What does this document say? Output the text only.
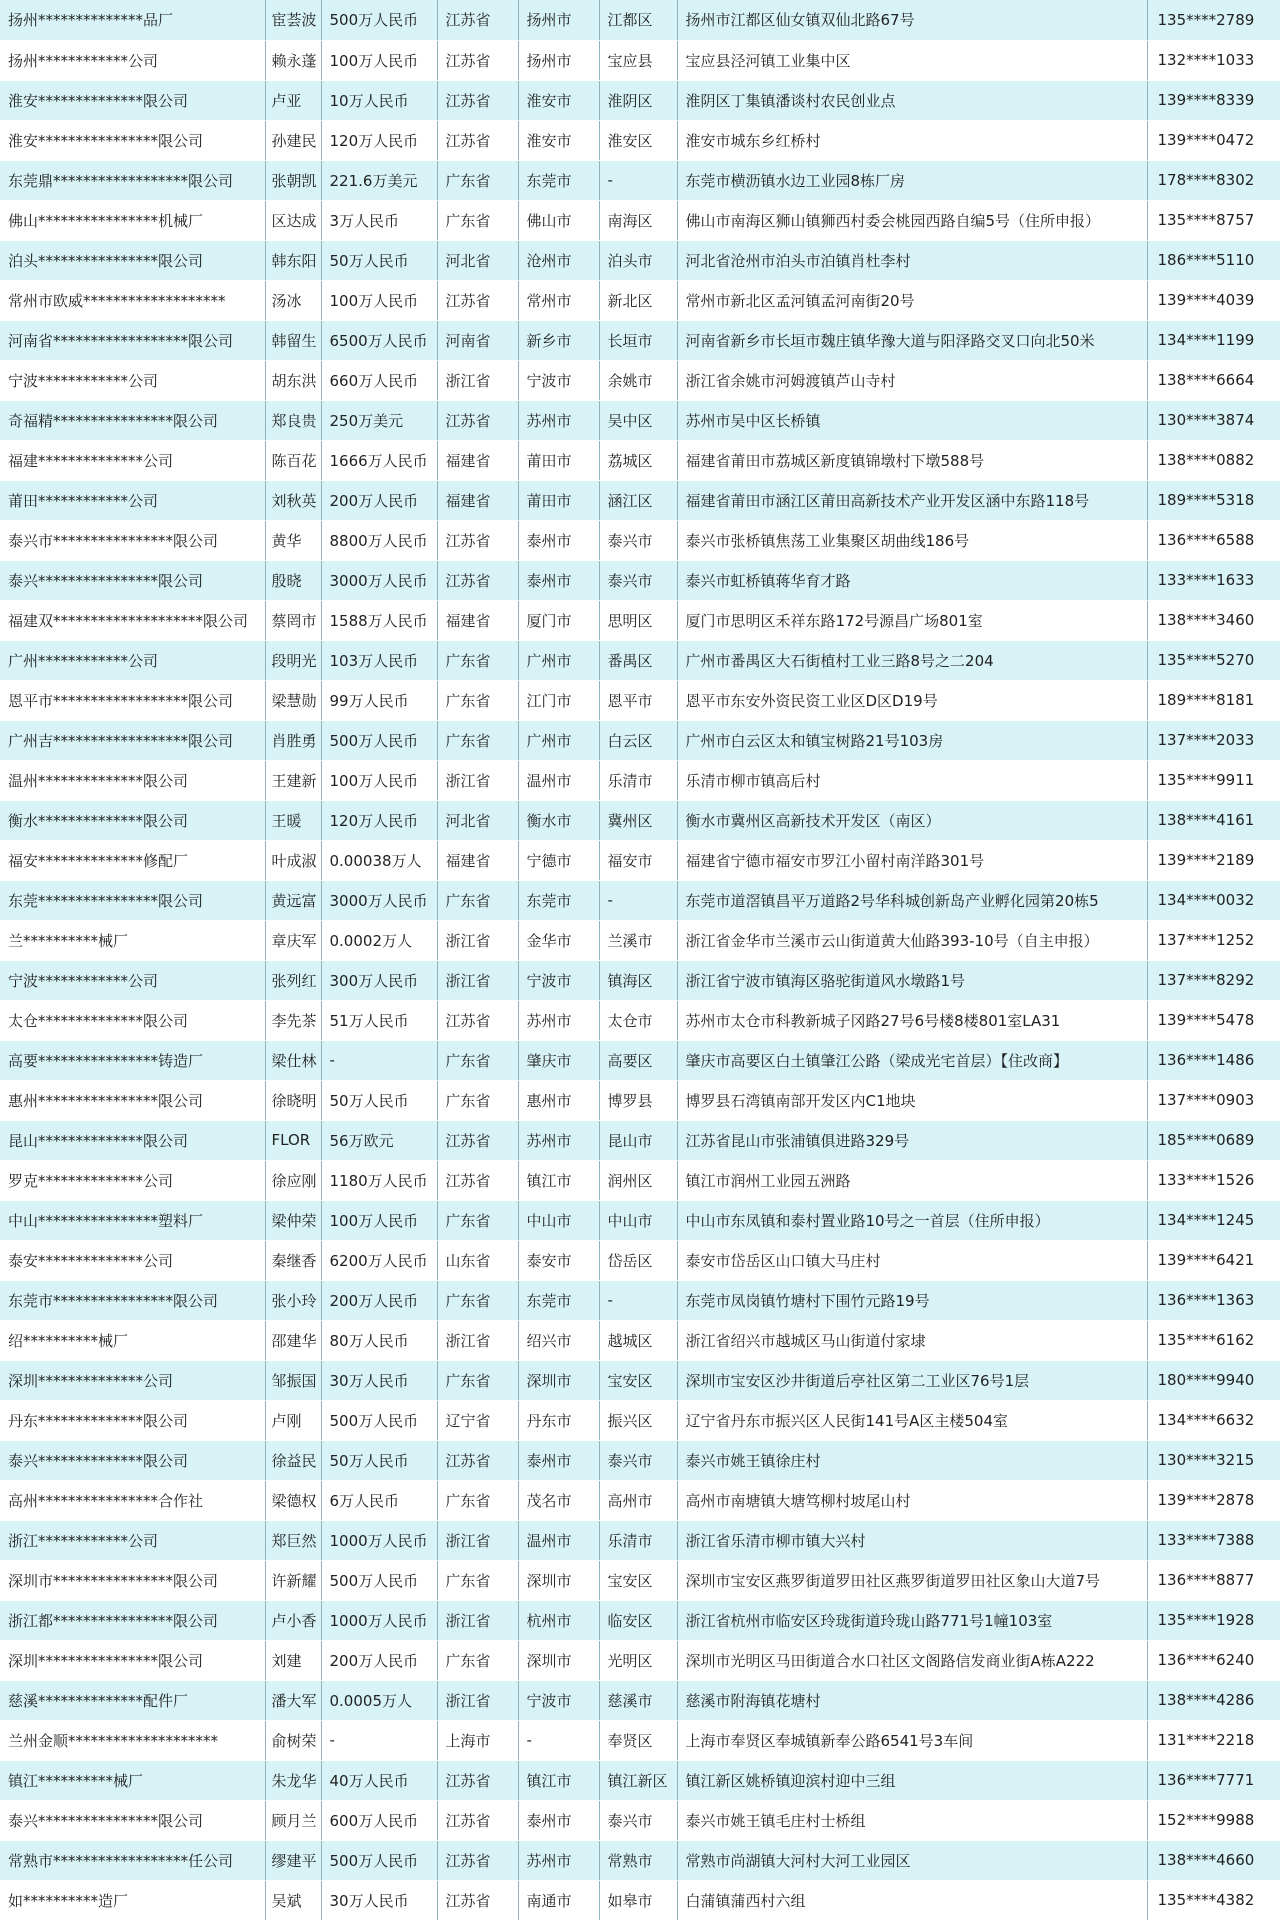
扬州**************品厂	宦荟波	500万人民币	江苏省	扬州市	江都区	扬州市江都区仙女镇双仙北路67号	135****2789
扬州************公司	赖永蓬	100万人民币	江苏省	扬州市	宝应县	宝应县泾河镇工业集中区	132****1033
淮安**************限公司	卢亚	10万人民币	江苏省	淮安市	淮阴区	淮阴区丁集镇潘谈村农民创业点	139****8339
淮安****************限公司	孙建民	120万人民币	江苏省	淮安市	淮安区	淮安市城东乡红桥村	139****0472
东莞鼎******************限公司	张朝凯	221.6万美元	广东省	东莞市	-	东莞市横沥镇水边工业园8栋厂房	178****8302
佛山****************机械厂	区达成	3万人民币	广东省	佛山市	南海区	佛山市南海区狮山镇狮西村委会桃园西路自编5号（住所申报）	135****8757
泊头****************限公司	韩东阳	50万人民币	河北省	沧州市	泊头市	河北省沧州市泊头市泊镇肖杜李村	186****5110
常州市欧威*******************	汤冰	100万人民币	江苏省	常州市	新北区	常州市新北区孟河镇孟河南街20号	139****4039
河南省******************限公司	韩留生	6500万人民币	河南省	新乡市	长垣市	河南省新乡市长垣市魏庄镇华豫大道与阳泽路交叉口向北50米	134****1199
宁波************公司	胡东洪	660万人民币	浙江省	宁波市	余姚市	浙江省余姚市河姆渡镇芦山寺村	138****6664
奇福精****************限公司	郑良贵	250万美元	江苏省	苏州市	吴中区	苏州市吴中区长桥镇	130****3874
福建**************公司	陈百花	1666万人民币	福建省	莆田市	荔城区	福建省莆田市荔城区新度镇锦墩村下墩588号	138****0882
莆田************公司	刘秋英	200万人民币	福建省	莆田市	涵江区	福建省莆田市涵江区莆田高新技术产业开发区涵中东路118号	189****5318
泰兴市****************限公司	黄华	8800万人民币	江苏省	泰州市	泰兴市	泰兴市张桥镇焦荡工业集聚区胡曲线186号	136****6588
泰兴****************限公司	殷晓	3000万人民币	江苏省	泰州市	泰兴市	泰兴市虹桥镇蒋华育才路	133****1633
福建双********************限公司	蔡罔市	1588万人民币	福建省	厦门市	思明区	厦门市思明区禾祥东路172号源昌广场801室	138****3460
广州************公司	段明光	103万人民币	广东省	广州市	番禺区	广州市番禺区大石街植村工业三路8号之二204	135****5270
恩平市******************限公司	梁慧勋	99万人民币	广东省	江门市	恩平市	恩平市东安外资民资工业区D区D19号	189****8181
广州吉******************限公司	肖胜勇	500万人民币	广东省	广州市	白云区	广州市白云区太和镇宝树路21号103房	137****2033
温州**************限公司	王建新	100万人民币	浙江省	温州市	乐清市	乐清市柳市镇高后村	135****9911
衡水**************限公司	王暖	120万人民币	河北省	衡水市	冀州区	衡水市冀州区高新技术开发区（南区）	138****4161
福安**************修配厂	叶成淑	0.00038万人	福建省	宁德市	福安市	福建省宁德市福安市罗江小留村南洋路301号	139****2189
东莞****************限公司	黄远富	3000万人民币	广东省	东莞市	-	东莞市道滘镇昌平万道路2号华科城创新岛产业孵化园第20栋5	134****0032
兰**********械厂	章庆军	0.0002万人	浙江省	金华市	兰溪市	浙江省金华市兰溪市云山街道黄大仙路393-10号（自主申报）	137****1252
宁波************公司	张列红	300万人民币	浙江省	宁波市	镇海区	浙江省宁波市镇海区骆驼街道风水墩路1号	137****8292
太仓**************限公司	李先茶	51万人民币	江苏省	苏州市	太仓市	苏州市太仓市科教新城子冈路27号6号楼8楼801室LA31	139****5478
高要****************铸造厂	梁仕林	-	广东省	肇庆市	高要区	肇庆市高要区白土镇肇江公路（梁成光宅首层）【住改商】	136****1486
惠州****************限公司	徐晓明	50万人民币	广东省	惠州市	博罗县	博罗县石湾镇南部开发区内C1地块	137****0903
昆山**************限公司	FLOR	56万欧元	江苏省	苏州市	昆山市	江苏省昆山市张浦镇俱进路329号	185****0689
罗克**************公司	徐应刚	1180万人民币	江苏省	镇江市	润州区	镇江市润州工业园五洲路	133****1526
中山****************塑料厂	梁仲荣	100万人民币	广东省	中山市	中山市	中山市东凤镇和泰村置业路10号之一首层（住所申报）	134****1245
泰安**************公司	秦继香	6200万人民币	山东省	泰安市	岱岳区	泰安市岱岳区山口镇大马庄村	139****6421
东莞市****************限公司	张小玲	200万人民币	广东省	东莞市	-	东莞市凤岗镇竹塘村下围竹元路19号	136****1363
绍**********械厂	邵建华	80万人民币	浙江省	绍兴市	越城区	浙江省绍兴市越城区马山街道付家埭	135****6162
深圳**************公司	邹振国	30万人民币	广东省	深圳市	宝安区	深圳市宝安区沙井街道后亭社区第二工业区76号1层	180****9940
丹东**************限公司	卢刚	500万人民币	辽宁省	丹东市	振兴区	辽宁省丹东市振兴区人民街141号A区主楼504室	134****6632
泰兴**************限公司	徐益民	50万人民币	江苏省	泰州市	泰兴市	泰兴市姚王镇徐庄村	130****3215
高州****************合作社	梁德权	6万人民币	广东省	茂名市	高州市	高州市南塘镇大塘笃柳村坡尾山村	139****2878
浙江************公司	郑巨然	1000万人民币	浙江省	温州市	乐清市	浙江省乐清市柳市镇大兴村	133****7388
深圳市****************限公司	许新耀	500万人民币	广东省	深圳市	宝安区	深圳市宝安区燕罗街道罗田社区燕罗街道罗田社区象山大道7号	136****8877
浙江都****************限公司	卢小香	1000万人民币	浙江省	杭州市	临安区	浙江省杭州市临安区玲珑街道玲珑山路771号1幢103室	135****1928
深圳****************限公司	刘建	200万人民币	广东省	深圳市	光明区	深圳市光明区马田街道合水口社区文阁路信发商业街A栋A222	136****6240
慈溪**************配件厂	潘大军	0.0005万人	浙江省	宁波市	慈溪市	慈溪市附海镇花塘村	138****4286
兰州金顺********************	俞树荣	-	上海市	-	奉贤区	上海市奉贤区奉城镇新奉公路6541号3车间	131****2218
镇江**********械厂	朱龙华	40万人民币	江苏省	镇江市	镇江新区	镇江新区姚桥镇迎滨村迎中三组	136****7771
泰兴****************限公司	顾月兰	600万人民币	江苏省	泰州市	泰兴市	泰兴市姚王镇毛庄村士桥组	152****9988
常熟市******************任公司	缪建平	500万人民币	江苏省	苏州市	常熟市	常熟市尚湖镇大河村大河工业园区	138****4660
如**********造厂	吴斌	30万人民币	江苏省	南通市	如皋市	白蒲镇蒲西村六组	135****4382
